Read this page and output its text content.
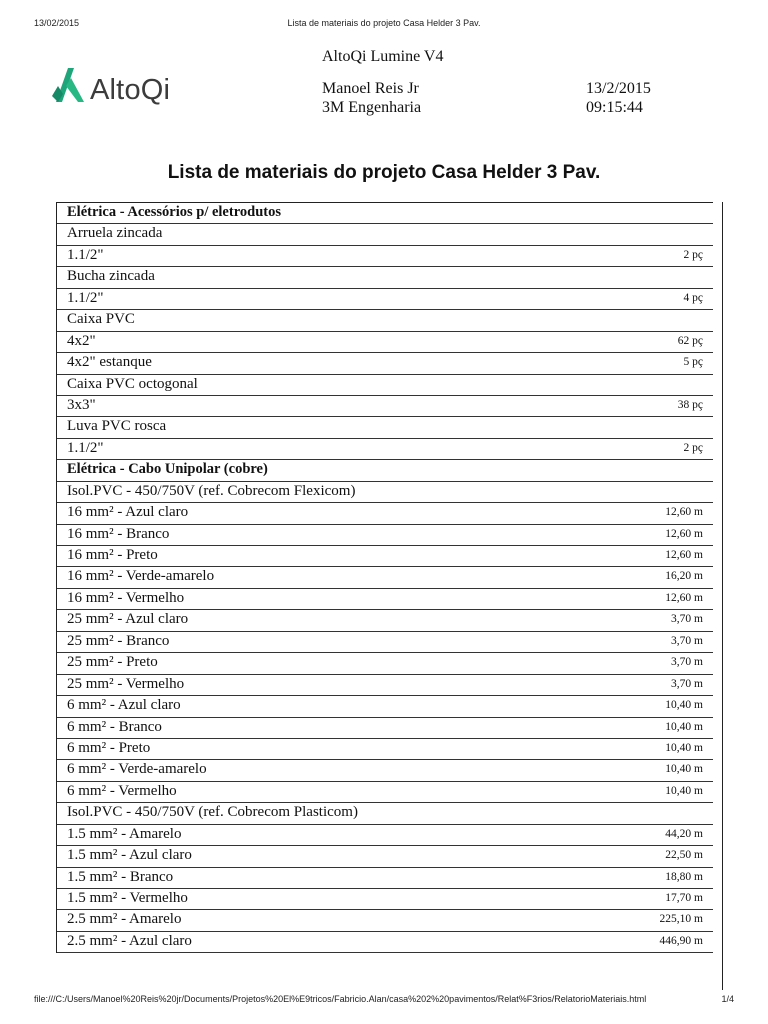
13/02/2015	Lista de materiais do projeto Casa Helder 3 Pav.
AltoQi
AltoQi Lumine V4
Manoel Reis Jr
3M Engenharia
13/2/2015
09:15:44
Lista de materiais do projeto Casa Helder 3 Pav.
Elétrica - Acessórios p/ eletrodutos
Arruela zincada
1.1/2"	2 pç
Bucha zincada
1.1/2"	4 pç
Caixa PVC
4x2"	62 pç
4x2" estanque	5 pç
Caixa PVC octogonal
3x3"	38 pç
Luva PVC rosca
1.1/2"	2 pç
Elétrica - Cabo Unipolar (cobre)
Isol.PVC - 450/750V (ref. Cobrecom Flexicom)
16 mm² - Azul claro	12,60 m
16 mm² - Branco	12,60 m
16 mm² - Preto	12,60 m
16 mm² - Verde-amarelo	16,20 m
16 mm² - Vermelho	12,60 m
25 mm² - Azul claro	3,70 m
25 mm² - Branco	3,70 m
25 mm² - Preto	3,70 m
25 mm² - Vermelho	3,70 m
6 mm² - Azul claro	10,40 m
6 mm² - Branco	10,40 m
6 mm² - Preto	10,40 m
6 mm² - Verde-amarelo	10,40 m
6 mm² - Vermelho	10,40 m
Isol.PVC - 450/750V (ref. Cobrecom Plasticom)
1.5 mm² - Amarelo	44,20 m
1.5 mm² - Azul claro	22,50 m
1.5 mm² - Branco	18,80 m
1.5 mm² - Vermelho	17,70 m
2.5 mm² - Amarelo	225,10 m
2.5 mm² - Azul claro	446,90 m
file:///C:/Users/Manoel%20Reis%20jr/Documents/Projetos%20El%E9tricos/Fabricio.Alan/casa%202%20pavimentos/Relat%F3rios/RelatorioMateriais.html	1/4
